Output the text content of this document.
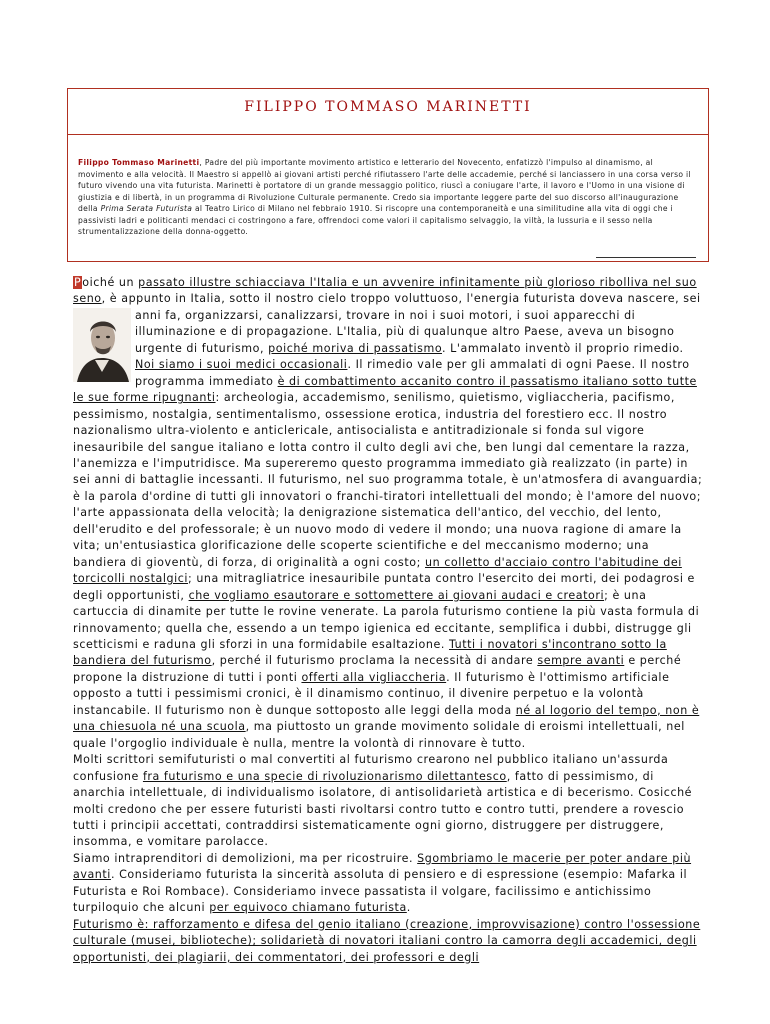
FILIPPO TOMMASO MARINETTI
Filippo Tommaso Marinetti, Padre del più importante movimento artistico e letterario del Novecento, enfatizzò l'impulso al dinamismo, al movimento e alla velocità. Il Maestro si appellò ai giovani artisti perché rifiutassero l'arte delle accademie, perché si lanciassero in una corsa verso il futuro vivendo una vita futurista. Marinetti è portatore di un grande messaggio politico, riuscì a coniugare l'arte, il lavoro e l'Uomo in una visione di giustizia e di libertà, in un programma di Rivoluzione Culturale permanente. Credo sia importante leggere parte del suo discorso all'inaugurazione della Prima Serata Futurista al Teatro Lirico di Milano nel febbraio 1910. Si riscopre una contemporaneità e una similitudine alla vita di oggi che i passivisti ladri e politicanti mendaci ci costringono a fare, offrendoci come valori il capitalismo selvaggio, la viltà, la lussuria e il sesso nella strumentalizzazione della donna-oggetto.

Poiché un passato illustre schiacciava l'Italia e un avvenire infinitamente più glorioso ribolliva nel suo seno, è appunto in Italia, sotto il nostro cielo troppo voluttuoso, l'energia futurista doveva nascere, sei anni fa, organizzarsi, canalizzarsi, trovare in noi i suoi motori, i suoi
apparecchi di illuminazione e di propagazione. L'Italia, più di qualunque altro Paese, aveva un bisogno urgente di futurismo, poiché moriva di passatismo. L'ammalato inventò il proprio rimedio. Noi siamo i suoi medici occasionali. Il rimedio vale per gli ammalati di ogni Paese. Il nostro programma immediato è di combattimento accanito contro il passatismo italiano sotto tutte le sue forme ripugnanti: archeologia, accademismo, senilismo, quietismo, vigliaccheria, pacifismo, pessimismo, nostalgia, sentimentalismo, ossessione erotica, industria del forestiero ecc. Il nostro nazionalismo ultra-violento e anticlericale, antisocialista e antitradizionale si fonda sul vigore inesauribile del sangue italiano e lotta contro il culto degli avi che, ben lungi dal cementare la razza, l'anemizza e l'imputridisce. Ma supereremo questo programma immediato già realizzato (in parte) in sei anni di battaglie incessanti. Il futurismo, nel suo programma totale, è un'atmosfera di avanguardia; è la parola d'ordine di tutti gli innovatori o franchi-tiratori intellettuali del mondo; è l'amore del nuovo; l'arte appassionata della velocità; la denigrazione sistematica dell'antico, del vecchio, del lento, dell'erudito e del professorale; è un nuovo modo di vedere il mondo; una nuova ragione di amare la vita; un'entusiastica glorificazione delle scoperte scientifiche e del meccanismo moderno; una bandiera di gioventù, di forza, di originalità a ogni costo; un colletto d'acciaio contro l'abitudine dei torcicolli nostalgici; una mitragliatrice inesauribile puntata contro l'esercito dei morti, dei podagrosi e degli opportunisti, che vogliamo esautorare e sottomettere ai giovani audaci e creatori; è una cartuccia di dinamite per tutte le rovine venerate. La parola futurismo contiene la più vasta formula di rinnovamento; quella che, essendo a un tempo igienica ed eccitante, semplifica i dubbi, distrugge gli scetticismi e raduna gli sforzi in una formidabile esaltazione. Tutti i novatori s'incontrano sotto la bandiera del futurismo, perché il futurismo proclama la necessità di andare sempre avanti e perché propone la distruzione di tutti i ponti offerti alla vigliaccheria. Il futurismo è l'ottimismo artificiale opposto a tutti i pessimismi cronici, è il dinamismo continuo, il divenire perpetuo e la volontà instancabile. Il futurismo non è dunque sottoposto alle leggi della moda né al logorio del tempo, non è una chiesuola né una scuola, ma piuttosto un grande movimento solidale di eroismi intellettuali, nel quale l'orgoglio individuale è nulla, mentre la volontà di rinnovare è tutto.

Molti scrittori semifuturisti o mal convertiti al futurismo crearono nel pubblico italiano un'assurda confusione fra futurismo e una specie di rivoluzionarismo dilettantesco, fatto di pessimismo, di anarchia intellettuale, di individualismo isolatore, di antisolidarietà artistica e di becerismo. Cosicché molti credono che per essere futuristi basti rivoltarsi contro tutto e contro tutti, prendere a rovescio tutti i principii accettati, contraddirsi sistematicamente ogni giorno, distruggere per distruggere, insomma, e vomitare parolacce.

Siamo intraprenditori di demolizioni, ma per ricostruire. Sgombriamo le macerie per poter andare più avanti. Consideriamo futurista la sincerità assoluta di pensiero e di espressione (esempio: Mafarka il Futurista e Roi Rombace). Consideriamo invece passatista il volgare, facilissimo e antichissimo turpiloquio che alcuni per equivoco chiamano futurista.

Futurismo è: rafforzamento e difesa del genio italiano (creazione, improvvisazione) contro l'ossessione culturale (musei, biblioteche); solidarietà di novatori italiani contro la camorra degli accademici, degli opportunisti, dei plagiarii, dei commentatori, dei professori e degli
